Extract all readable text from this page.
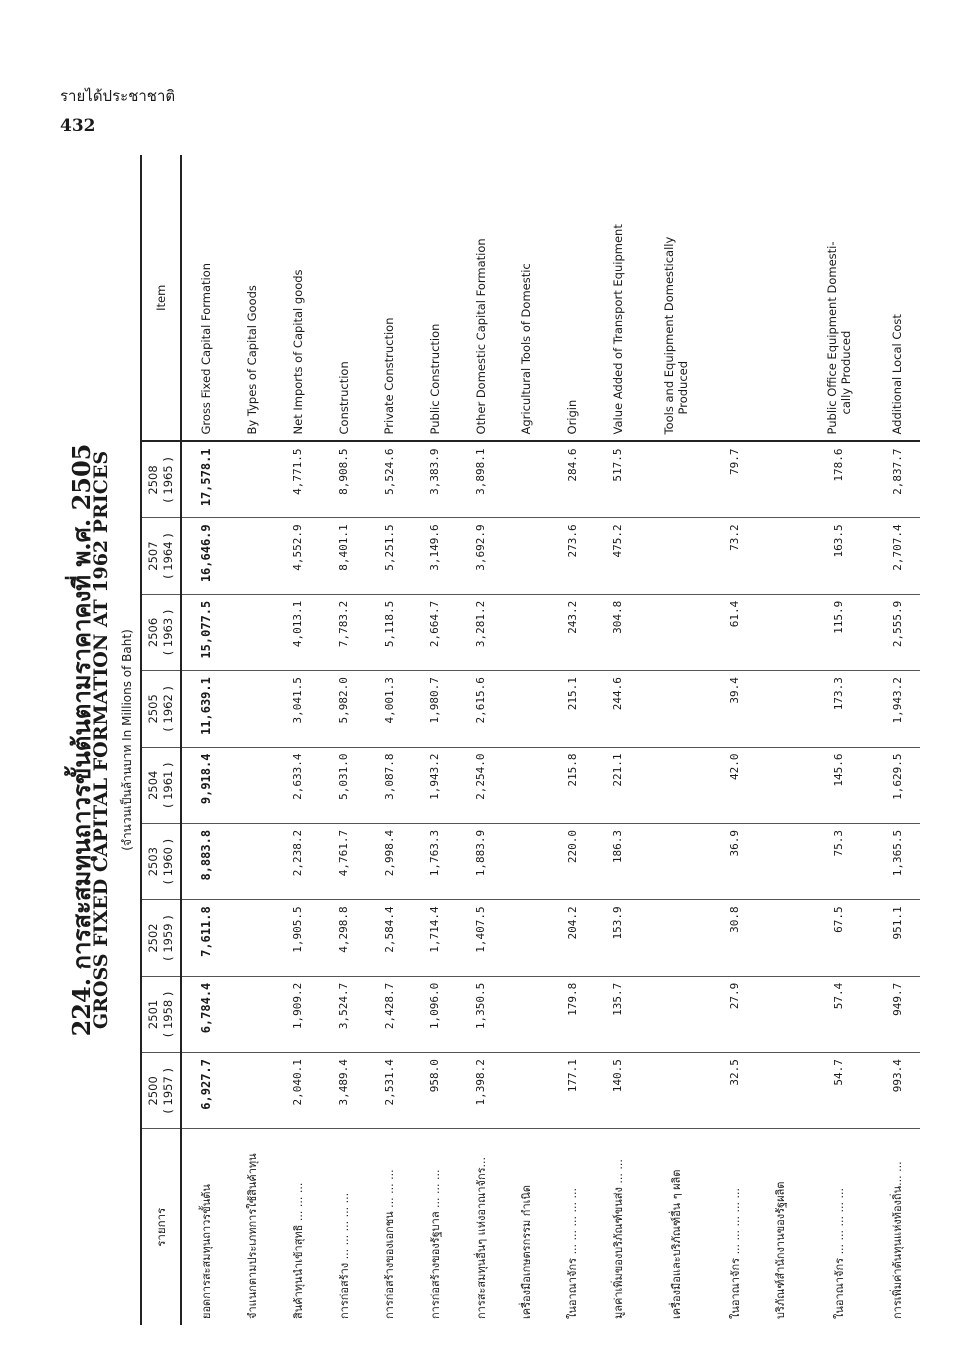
รายได้ประชาชาติ
432
224. การสะสมทุนถาวรขั้นต้นตามราคาคงที่ พ.ศ. 2505
GROSS FIXED CAPITAL FORMATION AT 1962 PRICES (จำนวนเป็นล้านบาท In Millions of Baht)
รายการ	2500 ( 1957 )	2501 ( 1958 )	2502 ( 1959 )	2503 ( 1960 )	2504 ( 1961 )	2505 ( 1962 )	2506 ( 1963 )	2507 ( 1964 )	2508 ( 1965 )	Item
ยอดการสะสมทุนถาวรขั้นต้น	6,927.7	6,784.4	7,611.8	8,883.8	9,918.4	11,639.1	15,077.5	16,646.9	17,578.1	Gross Fixed Capital Formation

จำแนกตามประเภทการใช้สินค้าทุน										By Types of Capital Goods

สินค้าทุนนำเข้าสุทธิ ... ... ...	2,040.1	1,909.2	1,905.5	2,238.2	2,633.4	3,041.5	4,013.1	4,552.9	4,771.5	Net Imports of Capital goods

การก่อสร้าง ... ... ... ... ...	3,489.4	3,524.7	4,298.8	4,761.7	5,031.0	5,982.0	7,783.2	8,401.1	8,908.5	Construction

การก่อสร้างของเอกชน ... ... ...	2,531.4	2,428.7	2,584.4	2,998.4	3,087.8	4,001.3	5,118.5	5,251.5	5,524.6	Private Construction

การก่อสร้างของรัฐบาล ... ... ...	958.0	1,096.0	1,714.4	1,763.3	1,943.2	1,980.7	2,664.7	3,149.6	3,383.9	Public Construction

การสะสมทุนอื่นๆ แห่งอาณาจักร...	1,398.2	1,350.5	1,407.5	1,883.9	2,254.0	2,615.6	3,281.2	3,692.9	3,898.1	Other Domestic Capital Formation

เครื่องมือเกษตรกรรม กำเนิด										Agricultural Tools of Domestic

ในอาณาจักร ... ... ... ... ...	177.1	179.8	204.2	220.0	215.8	215.1	243.2	273.6	284.6	Origin

มูลค่าเพิ่มของบริภัณฑ์ขนส่ง ... ...	140.5	135.7	153.9	186.3	221.1	244.6	304.8	475.2	517.5	Value Added of Transport Equipment

เครื่องมือและบริภัณฑ์อื่น ๆ ผลิต										Tools and Equipment Domestically Produced

ในอาณาจักร ... ... ... ... ...	32.5	27.9	30.8	36.9	42.0	39.4	61.4	73.2	79.7	

บริภัณฑ์สำนักงานของรัฐผลิต										

ในอาณาจักร ... ... ... ... ...	54.7	57.4	67.5	75.3	145.6	173.3	115.9	163.5	178.6	Public Office Equipment Domesti- cally Produced

การเพิ่มค่าต้นทุนแห่งท้องถิ่น... ...	993.4	949.7	951.1	1,365.5	1,629.5	1,943.2	2,555.9	2,707.4	2,837.7	Additional Local Cost
